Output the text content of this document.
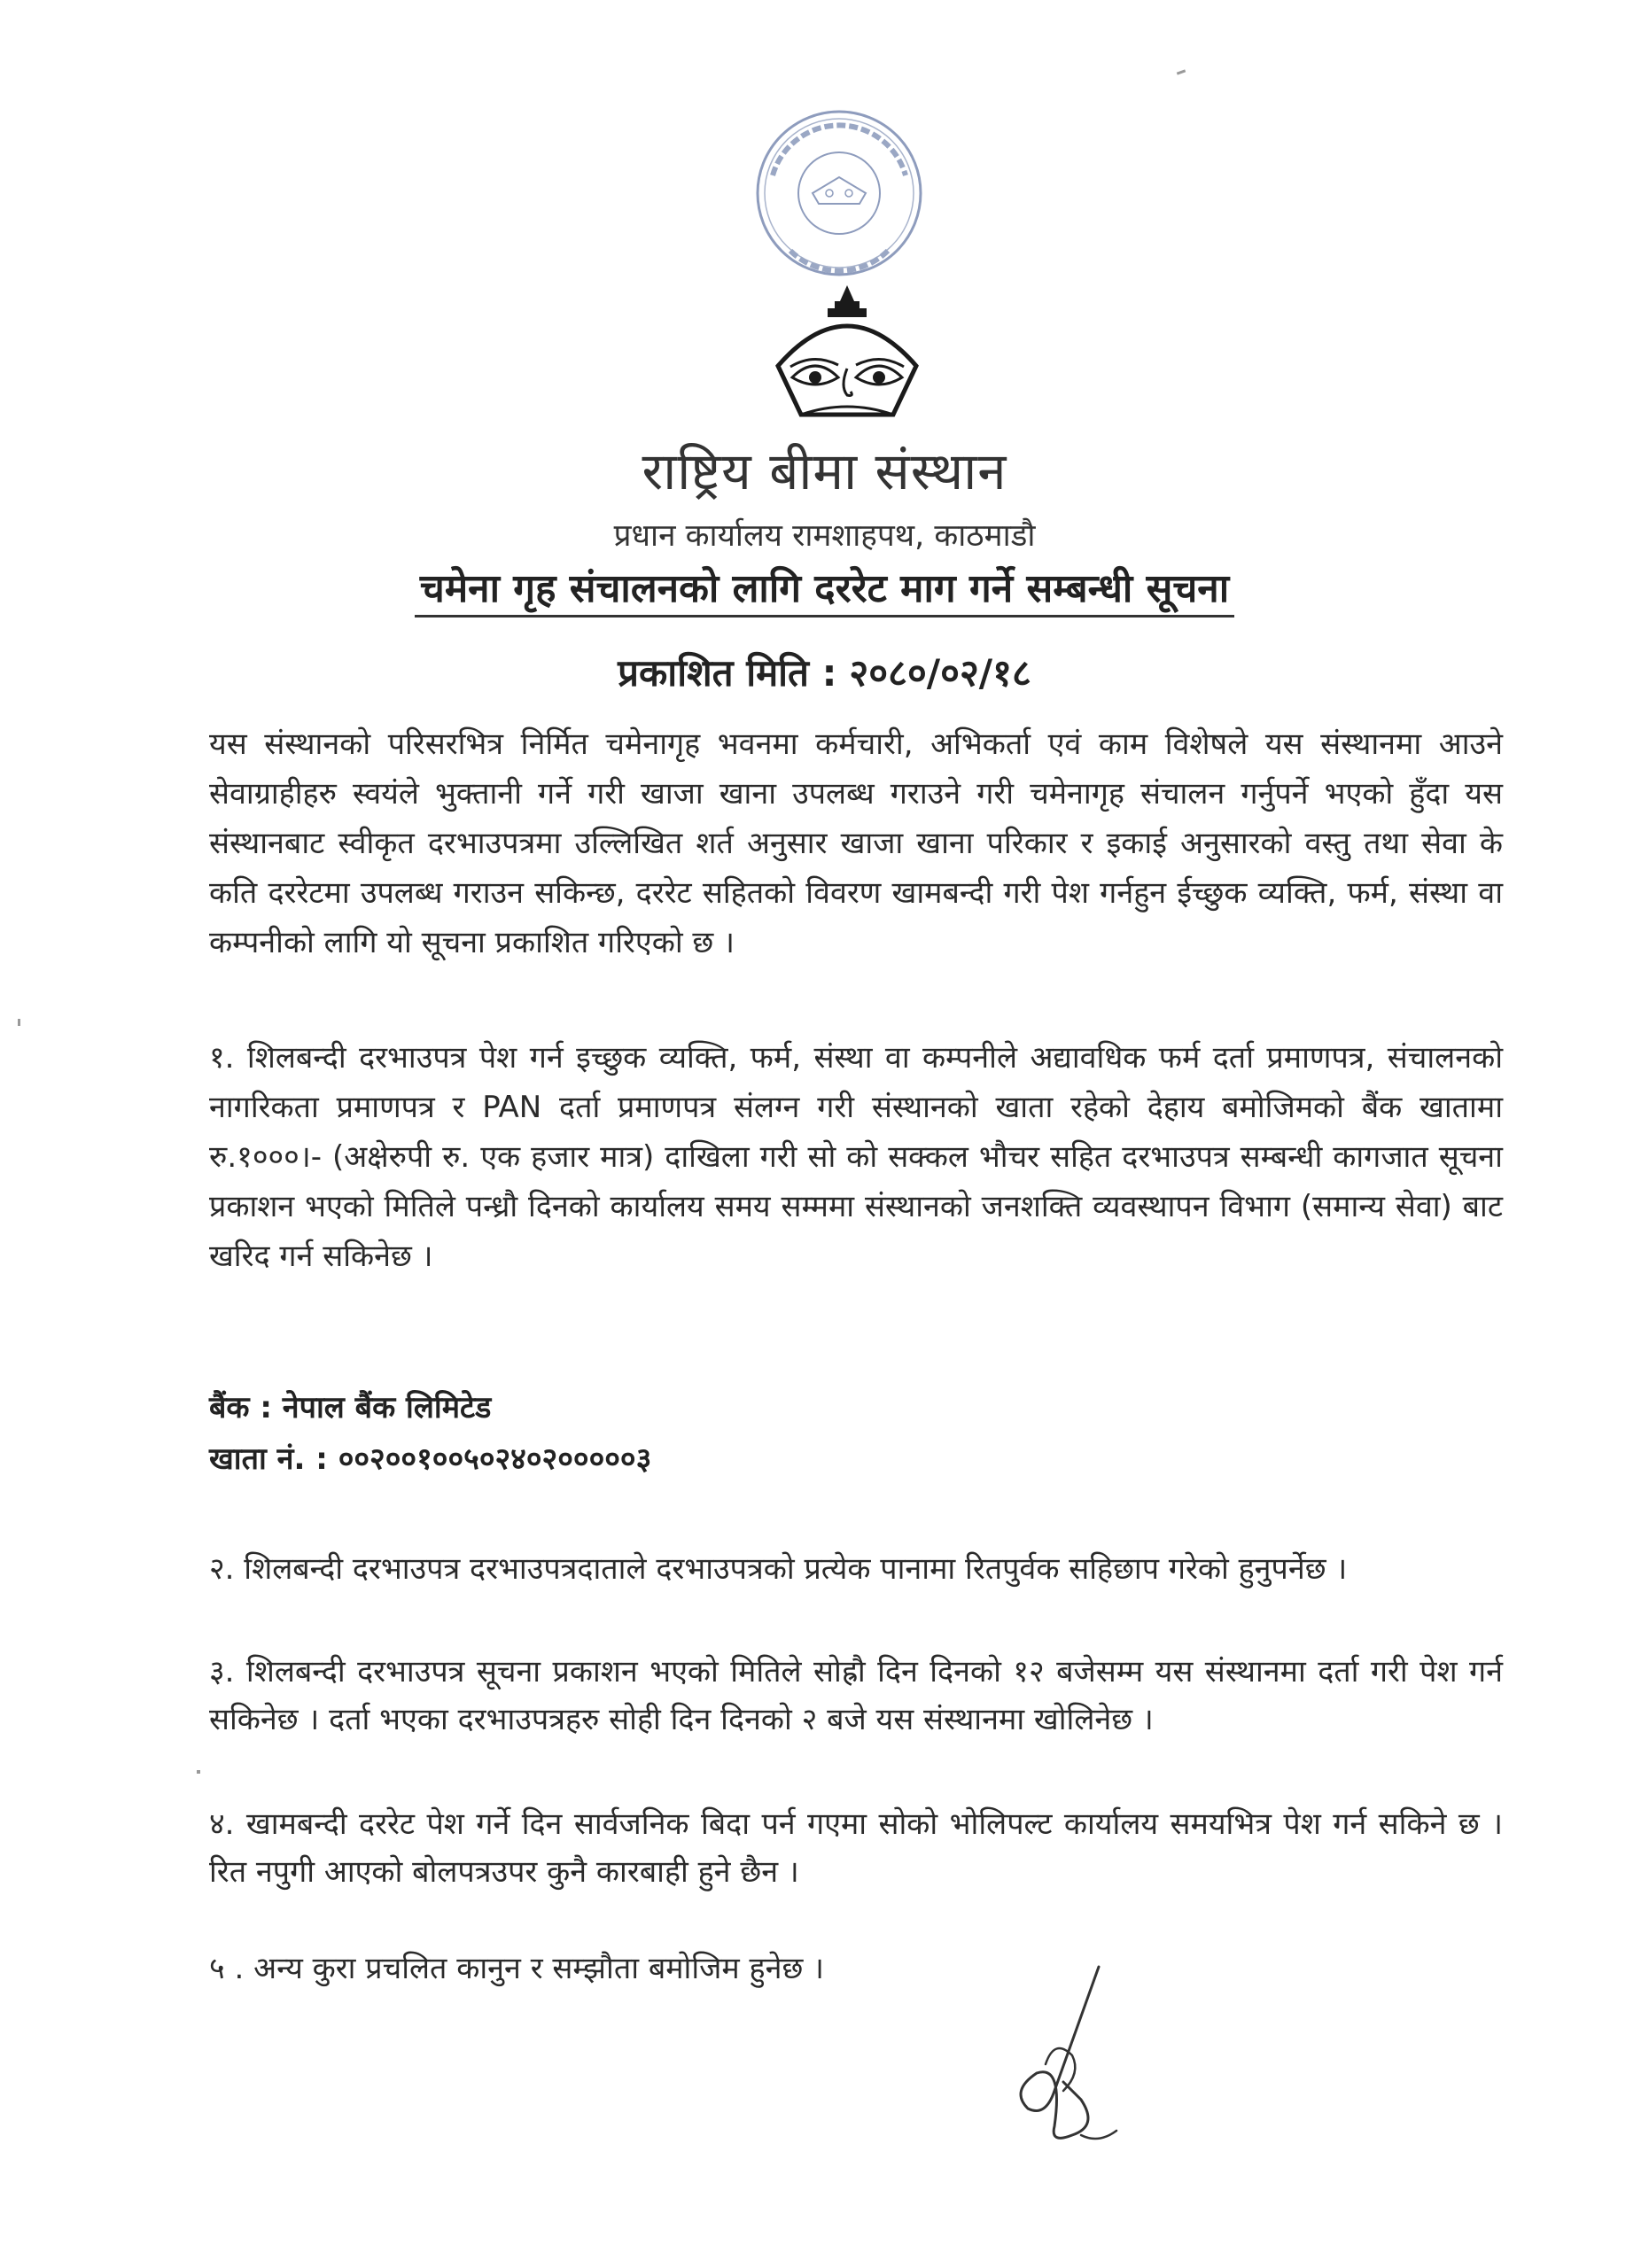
राष्ट्रिय बीमा संस्थान
प्रधान कार्यालय रामशाहपथ, काठमाडौ
चमेना गृह संचालनको लागि दररेट माग गर्ने सम्बन्धी सूचना
प्रकाशित मिति : २०८०/०२/१८

यस संस्थानको परिसरभित्र निर्मित चमेनागृह भवनमा कर्मचारी, अभिकर्ता एवं काम विशेषले यस संस्थानमा आउने सेवाग्राहीहरु स्वयंले भुक्तानी गर्ने गरी खाजा खाना उपलब्ध गराउने गरी चमेनागृह संचालन गर्नुपर्ने भएको हुँदा यस संस्थानबाट स्वीकृत दरभाउपत्रमा उल्लिखित शर्त अनुसार खाजा खाना परिकार र इकाई अनुसारको वस्तु तथा सेवा के कति दररेटमा उपलब्ध गराउन सकिन्छ, दररेट सहितको विवरण खामबन्दी गरी पेश गर्नहुन ईच्छुक व्यक्ति, फर्म, संस्था वा कम्पनीको लागि यो सूचना प्रकाशित गरिएको छ ।

१. शिलबन्दी दरभाउपत्र पेश गर्न इच्छुक व्यक्ति, फर्म, संस्था वा कम्पनीले अद्यावधिक फर्म दर्ता प्रमाणपत्र, संचालनको नागरिकता प्रमाणपत्र र PAN दर्ता प्रमाणपत्र संलग्न गरी संस्थानको खाता रहेको देहाय बमोजिमको बैंक खातामा रु.१०००।- (अक्षेरुपी रु. एक हजार मात्र) दाखिला गरी सो को सक्कल भौचर सहित दरभाउपत्र सम्बन्धी कागजात सूचना प्रकाशन भएको मितिले पन्ध्रौ दिनको कार्यालय समय सम्ममा संस्थानको जनशक्ति व्यवस्थापन विभाग (समान्य सेवा) बाट खरिद गर्न सकिनेछ ।

बैंक : नेपाल बैंक लिमिटेड
खाता नं. : ००२००१००५०२४०२०००००३

२. शिलबन्दी दरभाउपत्र दरभाउपत्रदाताले दरभाउपत्रको प्रत्येक पानामा रितपुर्वक सहिछाप गरेको हुनुपर्नेछ ।

३. शिलबन्दी दरभाउपत्र सूचना प्रकाशन भएको मितिले सोह्रौ दिन दिनको १२ बजेसम्म यस संस्थानमा दर्ता गरी पेश गर्न सकिनेछ । दर्ता भएका दरभाउपत्रहरु सोही दिन दिनको २ बजे यस संस्थानमा खोलिनेछ ।

४. खामबन्दी दररेट पेश गर्ने दिन सार्वजनिक बिदा पर्न गएमा सोको भोलिपल्ट कार्यालय समयभित्र पेश गर्न सकिने छ । रित नपुगी आएको बोलपत्रउपर कुनै कारबाही हुने छैन ।

५ . अन्य कुरा प्रचलित कानुन र सम्झौता बमोजिम हुनेछ ।
